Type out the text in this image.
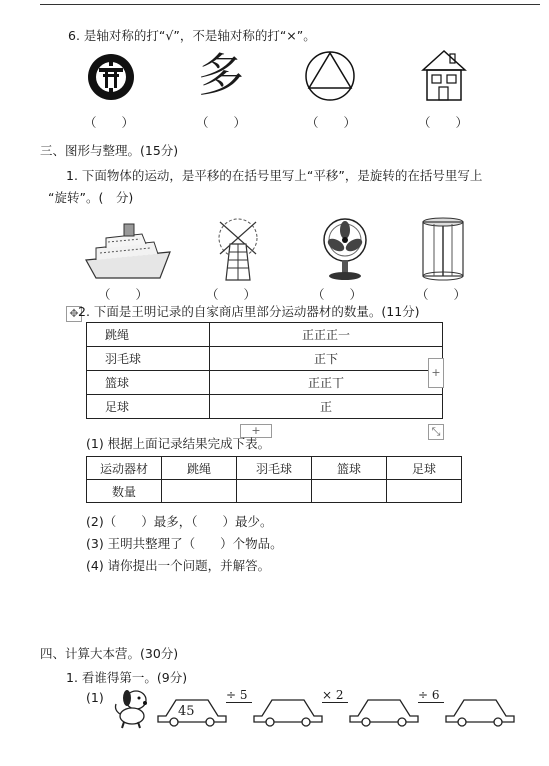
6. 是轴对称的打“√”，不是轴对称的打“×”。
多
（　　）	（　　）	（　　）	（　　）
三、图形与整理。(15分)
1. 下面物体的运动，是平移的在括号里写上“平移”，是旋转的在括号里写上
“旋转”。(　分)
（　　）	（　　）	（　　）	（　　）
✥ 2. 下面是王明记录的自家商店里部分运动器材的数量。(11分)
跳绳	正正正一
羽毛球	正下
篮球	正正丅
足球	正
+
+	⤡
(1) 根据上面记录结果完成下表。
运动器材	跳绳	羽毛球	篮球	足球
数量				
(2)（　　）最多，（　　）最少。
(3) 王明共整理了（　　）个物品。
(4) 请你提出一个问题，并解答。
四、计算大本营。(30分)
1. 看谁得第一。(9分)
(1)
45
÷ 5	× 2	÷ 6
